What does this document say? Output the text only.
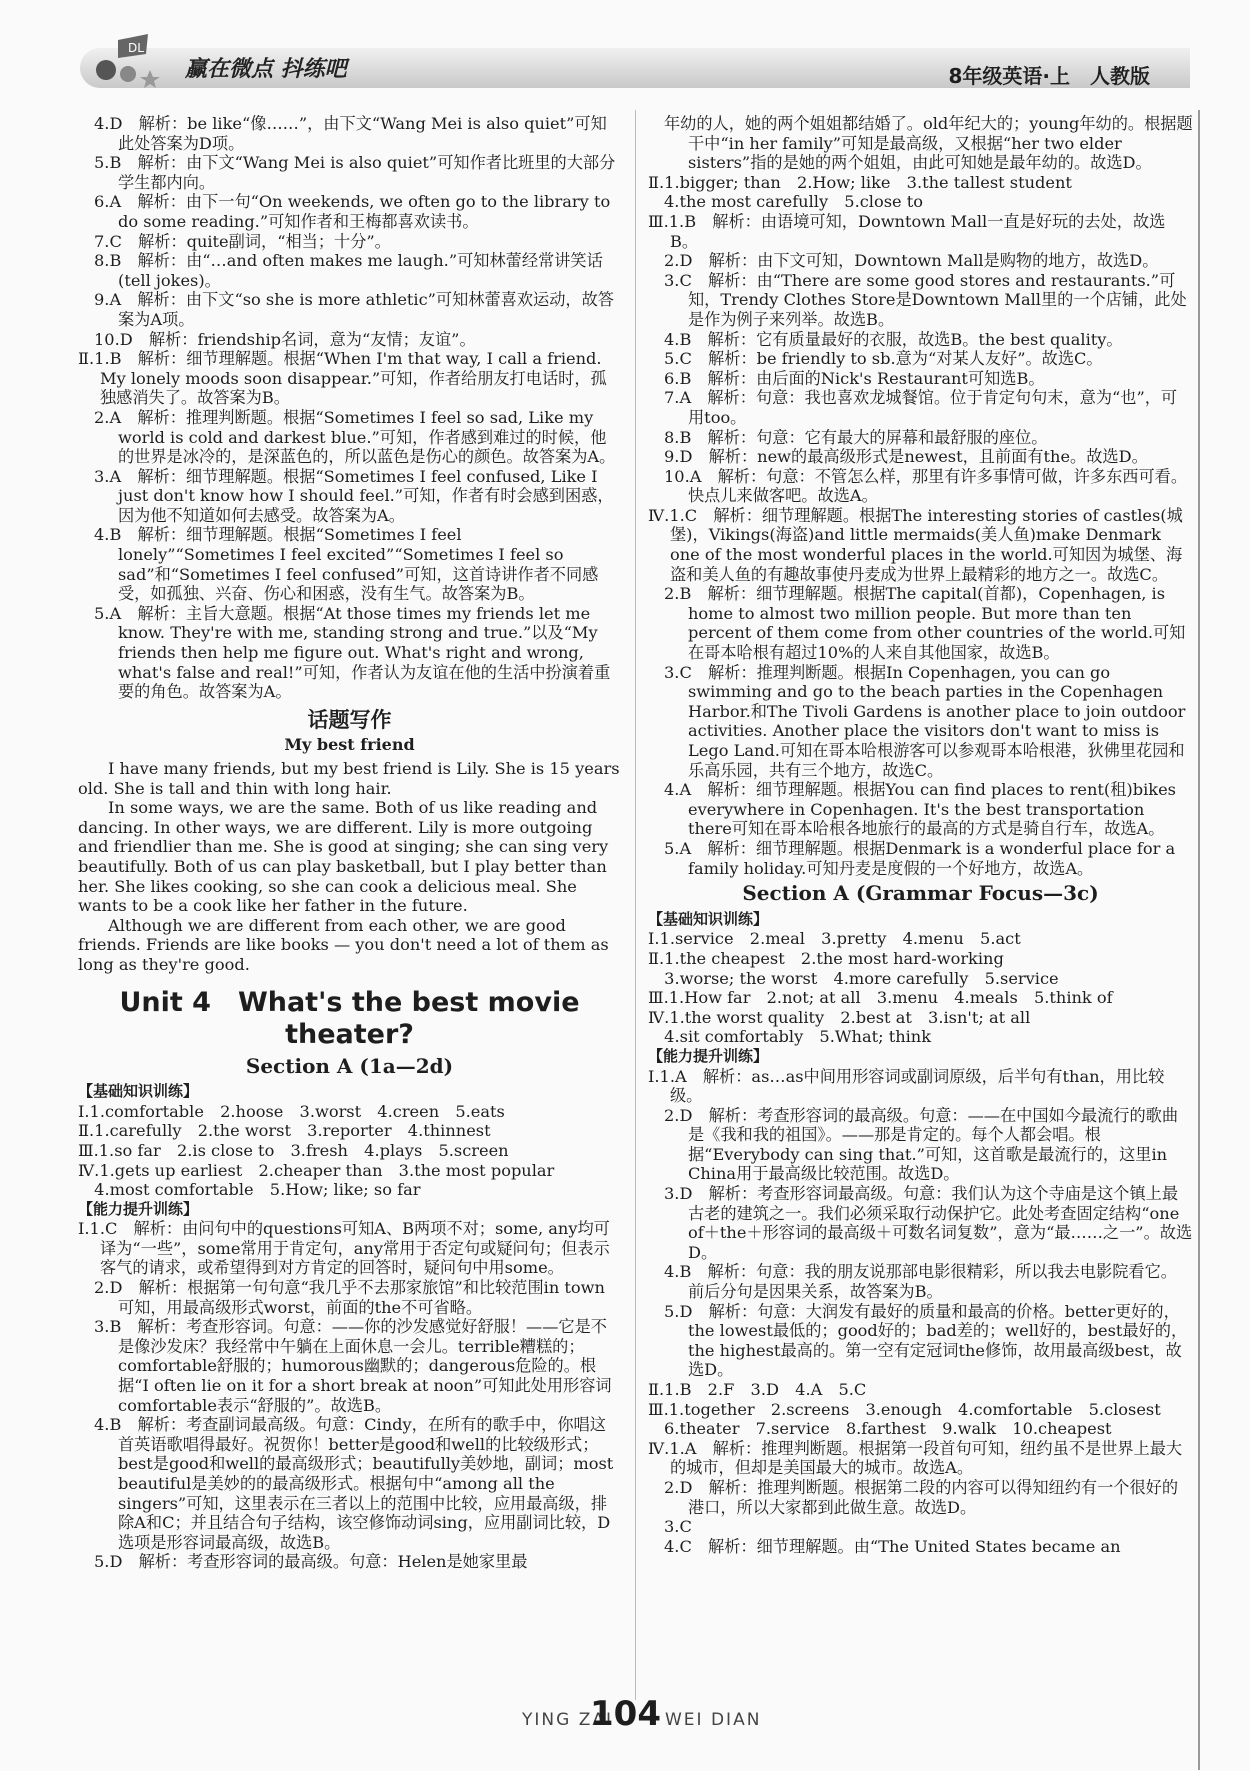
DL
赢在微点 抖练吧	8年级英语·上　人教版

4.D　解析：be like“像……”，由下文“Wang Mei is also quiet”可知此处答案为D项。

5.B　解析：由下文“Wang Mei is also quiet”可知作者比班里的大部分学生都内向。

6.A　解析：由下一句“On weekends, we often go to the library to do some reading.”可知作者和王梅都喜欢读书。

7.C　解析：quite副词，“相当；十分”。

8.B　解析：由“…and often makes me laugh.”可知林蕾经常讲笑话(tell jokes)。

9.A　解析：由下文“so she is more athletic”可知林蕾喜欢运动，故答案为A项。

10.D　解析：friendship名词，意为“友情；友谊”。

Ⅱ.1.B　解析：细节理解题。根据“When I'm that way, I call a friend. My lonely moods soon disappear.”可知，作者给朋友打电话时，孤独感消失了。故答案为B。

2.A　解析：推理判断题。根据“Sometimes I feel so sad, Like my world is cold and darkest blue.”可知，作者感到难过的时候，他的世界是冰冷的，是深蓝色的，所以蓝色是伤心的颜色。故答案为A。

3.A　解析：细节理解题。根据“Sometimes I feel confused, Like I just don't know how I should feel.”可知，作者有时会感到困惑，因为他不知道如何去感受。故答案为A。

4.B　解析：细节理解题。根据“Sometimes I feel lonely”“Sometimes I feel excited”“Sometimes I feel so sad”和“Sometimes I feel confused”可知，这首诗讲作者不同感受，如孤独、兴奋、伤心和困惑，没有生气。故答案为B。

5.A　解析：主旨大意题。根据“At those times my friends let me know. They're with me, standing strong and true.”以及“My friends then help me figure out. What's right and wrong, what's false and real!”可知，作者认为友谊在他的生活中扮演着重要的角色。故答案为A。

话题写作
My best friend

I have many friends, but my best friend is Lily. She is 15 years old. She is tall and thin with long hair.

In some ways, we are the same. Both of us like reading and dancing. In other ways, we are different. Lily is more outgoing and friendlier than me. She is good at singing; she can sing very beautifully. Both of us can play basketball, but I play better than her. She likes cooking, so she can cook a delicious meal. She wants to be a cook like her father in the future.

Although we are different from each other, we are good friends. Friends are like books — you don't need a lot of them as long as they're good.

Unit 4　What's the best movie theater?
Section A (1a—2d)
【基础知识训练】

Ⅰ.1.comfortable　2.hoose　3.worst　4.creen　5.eats

Ⅱ.1.carefully　2.the worst　3.reporter　4.thinnest

Ⅲ.1.so far　2.is close to　3.fresh　4.plays　5.screen

Ⅳ.1.gets up earliest　2.cheaper than　3.the most popular

　4.most comfortable　5.How; like; so far

【能力提升训练】

Ⅰ.1.C　解析：由问句中的questions可知A、B两项不对；some, any均可译为“一些”，some常用于肯定句，any常用于否定句或疑问句；但表示客气的请求，或希望得到对方肯定的回答时，疑问句中用some。

2.D　解析：根据第一句句意“我几乎不去那家旅馆”和比较范围in town可知，用最高级形式worst，前面的the不可省略。

3.B　解析：考查形容词。句意：——你的沙发感觉好舒服！——它是不是像沙发床？我经常中午躺在上面休息一会儿。terrible糟糕的；comfortable舒服的；humorous幽默的；dangerous危险的。根据“I often lie on it for a short break at noon”可知此处用形容词comfortable表示“舒服的”。故选B。

4.B　解析：考查副词最高级。句意：Cindy，在所有的歌手中，你唱这首英语歌唱得最好。祝贺你！better是good和well的比较级形式；best是good和well的最高级形式；beautifully美妙地，副词；most beautiful是美妙的的最高级形式。根据句中“among all the singers”可知，这里表示在三者以上的范围中比较，应用最高级，排除A和C；并且结合句子结构，该空修饰动词sing，应用副词比较，D选项是形容词最高级，故选B。

5.D　解析：考查形容词的最高级。句意：Helen是她家里最

年幼的人，她的两个姐姐都结婚了。old年纪大的；young年幼的。根据题干中“in her family”可知是最高级，又根据“her two elder sisters”指的是她的两个姐姐，由此可知她是最年幼的。故选D。

Ⅱ.1.bigger; than　2.How; like　3.the tallest student

4.the most carefully　5.close to

Ⅲ.1.B　解析：由语境可知，Downtown Mall一直是好玩的去处，故选B。

2.D　解析：由下文可知，Downtown Mall是购物的地方，故选D。

3.C　解析：由“There are some good stores and restaurants.”可知，Trendy Clothes Store是Downtown Mall里的一个店铺，此处是作为例子来列举。故选B。

4.B　解析：它有质量最好的衣服，故选B。the best quality。

5.C　解析：be friendly to sb.意为“对某人友好”。故选C。

6.B　解析：由后面的Nick's Restaurant可知选B。

7.A　解析：句意：我也喜欢龙城餐馆。位于肯定句句末，意为“也”，可用too。

8.B　解析：句意：它有最大的屏幕和最舒服的座位。

9.D　解析：new的最高级形式是newest，且前面有the。故选D。

10.A　解析：句意：不管怎么样，那里有许多事情可做，许多东西可看。快点儿来做客吧。故选A。

Ⅳ.1.C　解析：细节理解题。根据The interesting stories of castles(城堡)，Vikings(海盗)and little mermaids(美人鱼)make Denmark one of the most wonderful places in the world.可知因为城堡、海盗和美人鱼的有趣故事使丹麦成为世界上最精彩的地方之一。故选C。

2.B　解析：细节理解题。根据The capital(首都)，Copenhagen, is home to almost two million people. But more than ten percent of them come from other countries of the world.可知在哥本哈根有超过10%的人来自其他国家，故选B。

3.C　解析：推理判断题。根据In Copenhagen, you can go swimming and go to the beach parties in the Copenhagen Harbor.和The Tivoli Gardens is another place to join outdoor activities. Another place the visitors don't want to miss is Lego Land.可知在哥本哈根游客可以参观哥本哈根港，狄佛里花园和乐高乐园，共有三个地方，故选C。

4.A　解析：细节理解题。根据You can find places to rent(租)bikes everywhere in Copenhagen. It's the best transportation there可知在哥本哈根各地旅行的最高的方式是骑自行车，故选A。

5.A　解析：细节理解题。根据Denmark is a wonderful place for a family holiday.可知丹麦是度假的一个好地方，故选A。

Section A (Grammar Focus—3c)
【基础知识训练】

Ⅰ.1.service　2.meal　3.pretty　4.menu　5.act

Ⅱ.1.the cheapest　2.the most hard-working

　3.worse; the worst　4.more carefully　5.service

Ⅲ.1.How far　2.not; at all　3.menu　4.meals　5.think of

Ⅳ.1.the worst quality　2.best at　3.isn't; at all

　4.sit comfortably　5.What; think

【能力提升训练】

Ⅰ.1.A　解析：as…as中间用形容词或副词原级，后半句有than，用比较级。

2.D　解析：考查形容词的最高级。句意：——在中国如今最流行的歌曲是《我和我的祖国》。——那是肯定的。每个人都会唱。根据“Everybody can sing that.”可知，这首歌是最流行的，这里in China用于最高级比较范围。故选D。

3.D　解析：考查形容词最高级。句意：我们认为这个寺庙是这个镇上最古老的建筑之一。我们必须采取行动保护它。此处考查固定结构“one of＋the＋形容词的最高级＋可数名词复数”，意为“最……之一”。故选D。

4.B　解析：句意：我的朋友说那部电影很精彩，所以我去电影院看它。前后分句是因果关系，故答案为B。

5.D　解析：句意：大润发有最好的质量和最高的价格。better更好的，the lowest最低的；good好的；bad差的；well好的，best最好的，the highest最高的。第一空有定冠词the修饰，故用最高级best，故选D。

Ⅱ.1.B　2.F　3.D　4.A　5.C

Ⅲ.1.together　2.screens　3.enough　4.comfortable　5.closest

6.theater　7.service　8.farthest　9.walk　10.cheapest

Ⅳ.1.A　解析：推理判断题。根据第一段首句可知，纽约虽不是世界上最大的城市，但却是美国最大的城市。故选A。

2.D　解析：推理判断题。根据第二段的内容可以得知纽约有一个很好的港口，所以大家都到此做生意。故选D。

3.C

4.C　解析：细节理解题。由“The United States became an

YING ZAI
104 WEI DIAN
